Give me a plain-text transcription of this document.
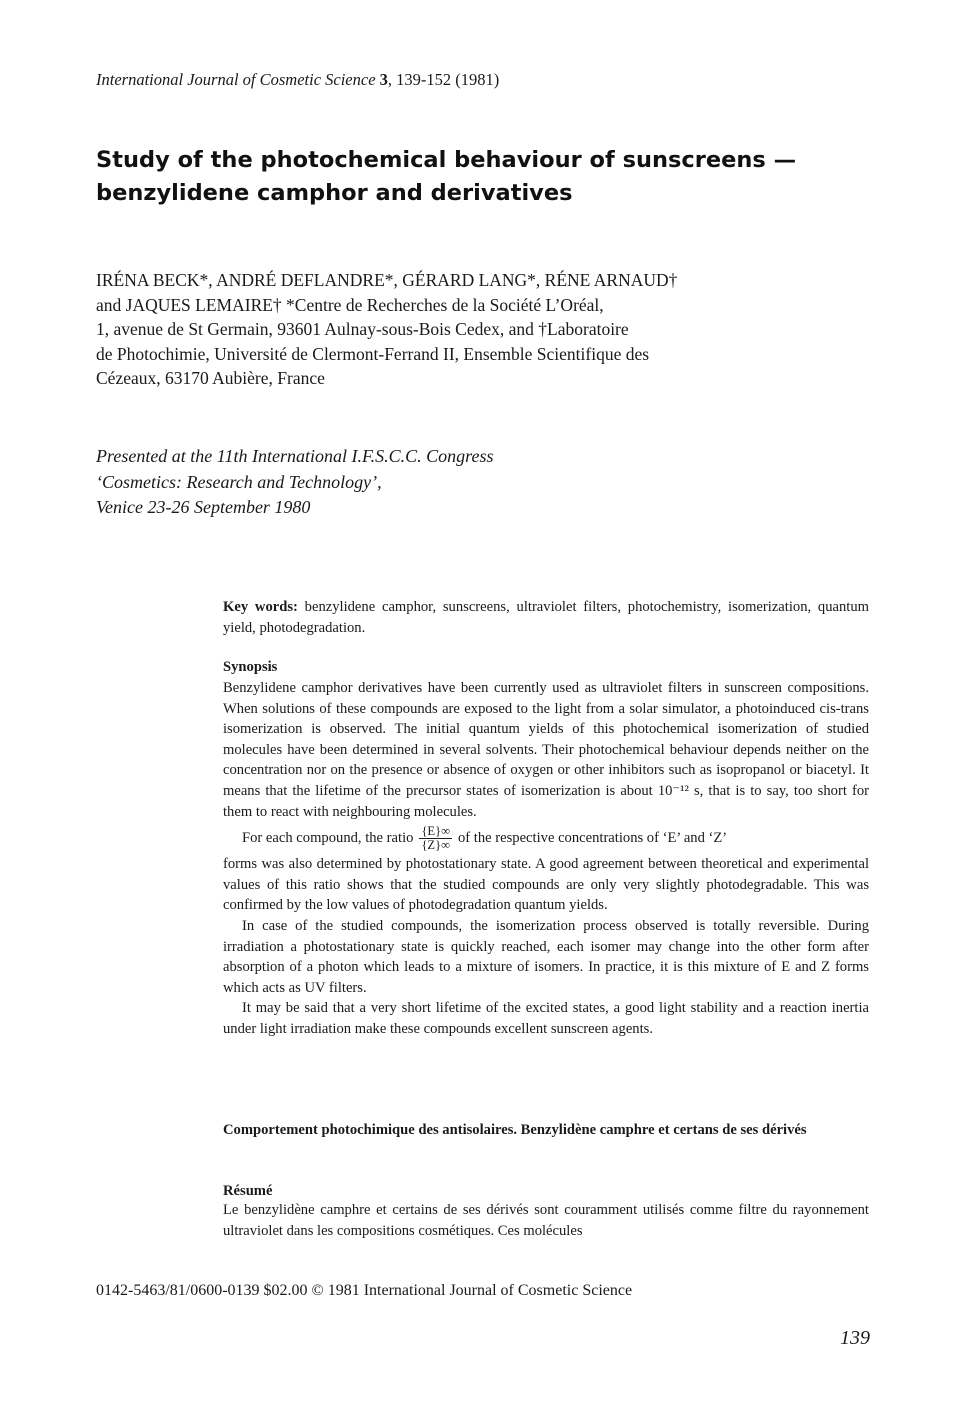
International Journal of Cosmetic Science 3, 139-152 (1981)
Study of the photochemical behaviour of sunscreens —
benzylidene camphor and derivatives
IRÉNA BECK*, ANDRÉ DEFLANDRE*, GÉRARD LANG*, RÉNE ARNAUD†
and JAQUES LEMAIRE† *Centre de Recherches de la Société L’Oréal,
1, avenue de St Germain, 93601 Aulnay-sous-Bois Cedex, and †Laboratoire
de Photochimie, Université de Clermont-Ferrand II, Ensemble Scientifique des
Cézeaux, 63170 Aubière, France
Presented at the 11th International I.F.S.C.C. Congress
‘Cosmetics: Research and Technology’,
Venice 23-26 September 1980
Key words: benzylidene camphor, sunscreens, ultraviolet filters, photochemistry, isomerization, quantum yield, photodegradation.
Synopsis

Benzylidene camphor derivatives have been currently used as ultraviolet filters in sunscreen compositions. When solutions of these compounds are exposed to the light from a solar simulator, a photoinduced cis-trans isomerization is observed. The initial quantum yields of this photochemical isomerization of studied molecules have been determined in several solvents. Their photochemical behaviour depends neither on the concentration nor on the presence or absence of oxygen or other inhibitors such as isopropanol or biacetyl. It means that the lifetime of the precursor states of isomerization is about 10⁻¹² s, that is to say, too short for them to react with neighbouring molecules.

For each compound, the ratio $\frac{\{E\}\infty}{\{Z\}\infty}$ of the respective concentrations of ‘E’ and ‘Z’

forms was also determined by photostationary state. A good agreement between theoretical and experimental values of this ratio shows that the studied compounds are only very slightly photodegradable. This was confirmed by the low values of photodegradation quantum yields.

In case of the studied compounds, the isomerization process observed is totally reversible. During irradiation a photostationary state is quickly reached, each isomer may change into the other form after absorption of a photon which leads to a mixture of isomers. In practice, it is this mixture of E and Z forms which acts as UV filters.

It may be said that a very short lifetime of the excited states, a good light stability and a reaction inertia under light irradiation make these compounds excellent sunscreen agents.

Comportement photochimique des antisolaires. Benzylidène camphre et certans de ses dérivés
Résumé
Le benzylidène camphre et certains de ses dérivés sont couramment utilisés comme filtre du rayonnement ultraviolet dans les compositions cosmétiques. Ces molécules
0142-5463/81/0600-0139 $02.00 © 1981 International Journal of Cosmetic Science
139
